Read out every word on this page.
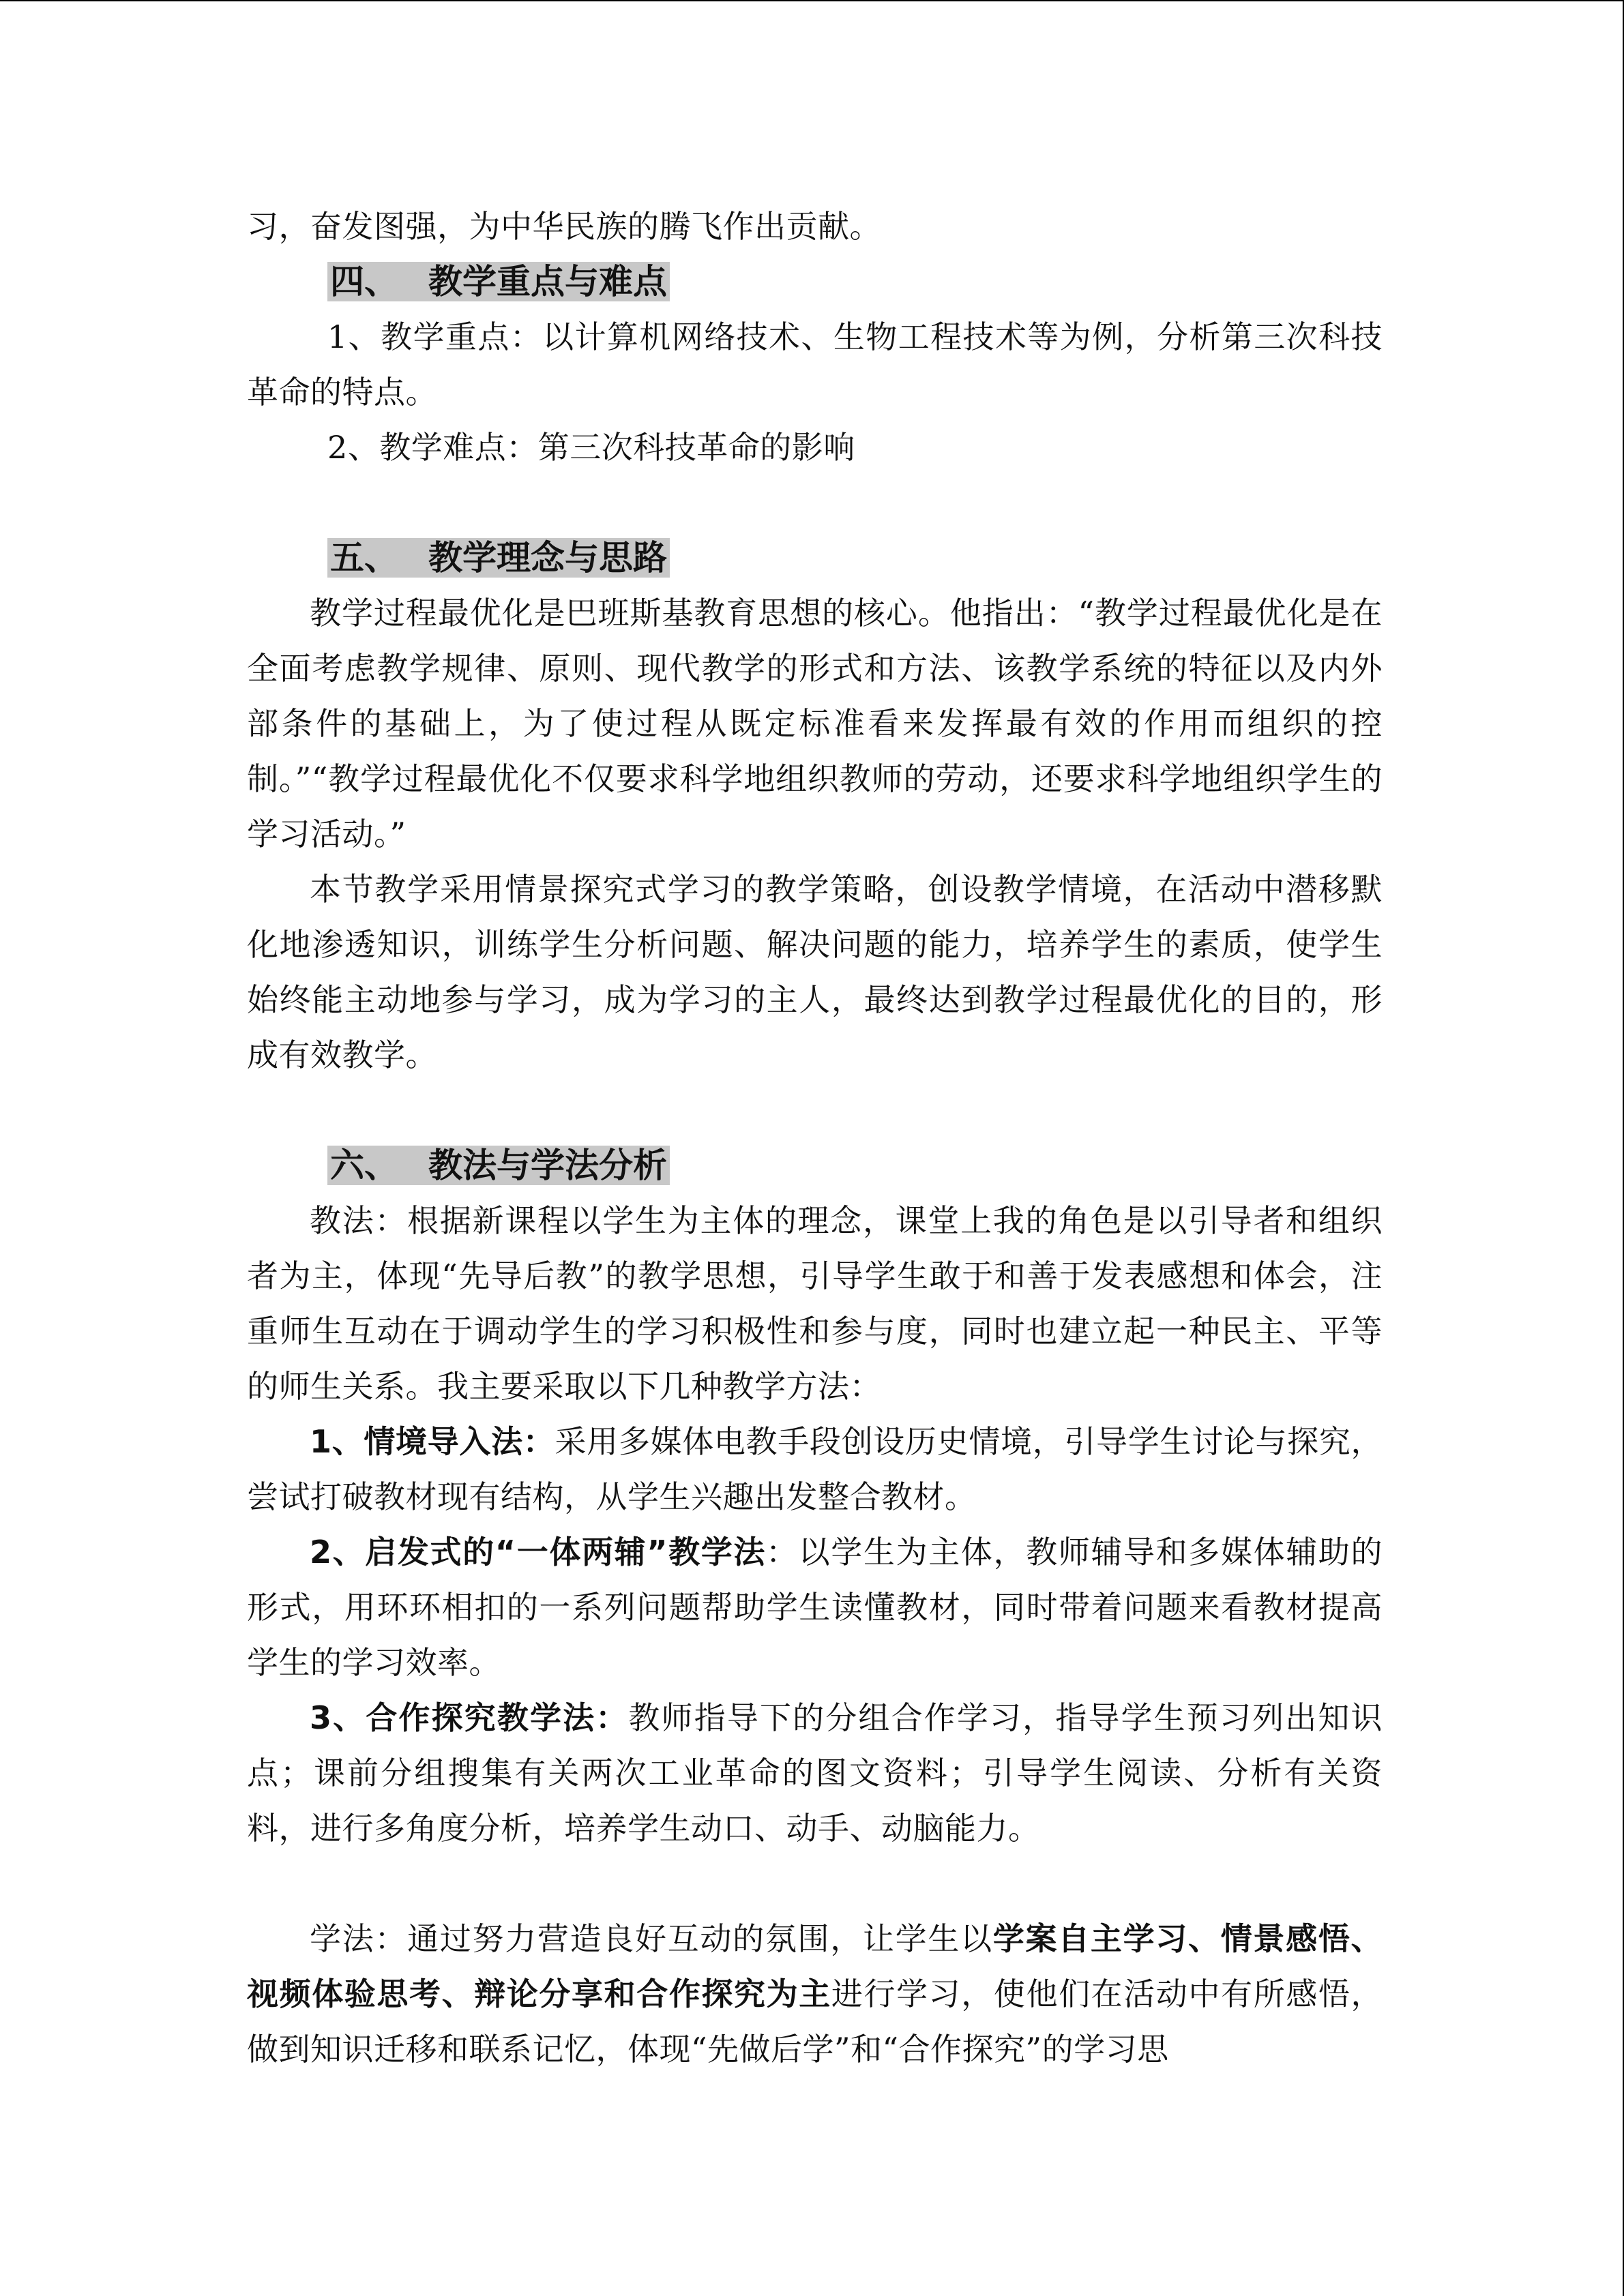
习，奋发图强，为中华民族的腾飞作出贡献。

四、 教学重点与难点

1、教学重点：以计算机网络技术、生物工程技术等为例，分析第三次科技革命的特点。

2、教学难点：第三次科技革命的影响

五、 教学理念与思路

教学过程最优化是巴班斯基教育思想的核心。他指出：“教学过程最优化是在全面考虑教学规律、原则、现代教学的形式和方法、该教学系统的特征以及内外部条件的基础上，为了使过程从既定标准看来发挥最有效的作用而组织的控制。”“教学过程最优化不仅要求科学地组织教师的劳动，还要求科学地组织学生的学习活动。”

本节教学采用情景探究式学习的教学策略，创设教学情境，在活动中潜移默化地渗透知识，训练学生分析问题、解决问题的能力，培养学生的素质，使学生始终能主动地参与学习，成为学习的主人，最终达到教学过程最优化的目的，形成有效教学。

六、 教法与学法分析

教法：根据新课程以学生为主体的理念，课堂上我的角色是以引导者和组织者为主，体现“先导后教”的教学思想，引导学生敢于和善于发表感想和体会，注重师生互动在于调动学生的学习积极性和参与度，同时也建立起一种民主、平等的师生关系。我主要采取以下几种教学方法：

1、情境导入法：采用多媒体电教手段创设历史情境，引导学生讨论与探究，尝试打破教材现有结构，从学生兴趣出发整合教材。

2、启发式的“一体两辅”教学法：以学生为主体，教师辅导和多媒体辅助的形式，用环环相扣的一系列问题帮助学生读懂教材，同时带着问题来看教材提高学生的学习效率。

3、合作探究教学法：教师指导下的分组合作学习，指导学生预习列出知识点；课前分组搜集有关两次工业革命的图文资料；引导学生阅读、分析有关资料，进行多角度分析，培养学生动口、动手、动脑能力。

学法：通过努力营造良好互动的氛围，让学生以学案自主学习、情景感悟、视频体验思考、辩论分享和合作探究为主进行学习，使他们在活动中有所感悟，做到知识迁移和联系记忆，体现“先做后学”和“合作探究”的学习思
